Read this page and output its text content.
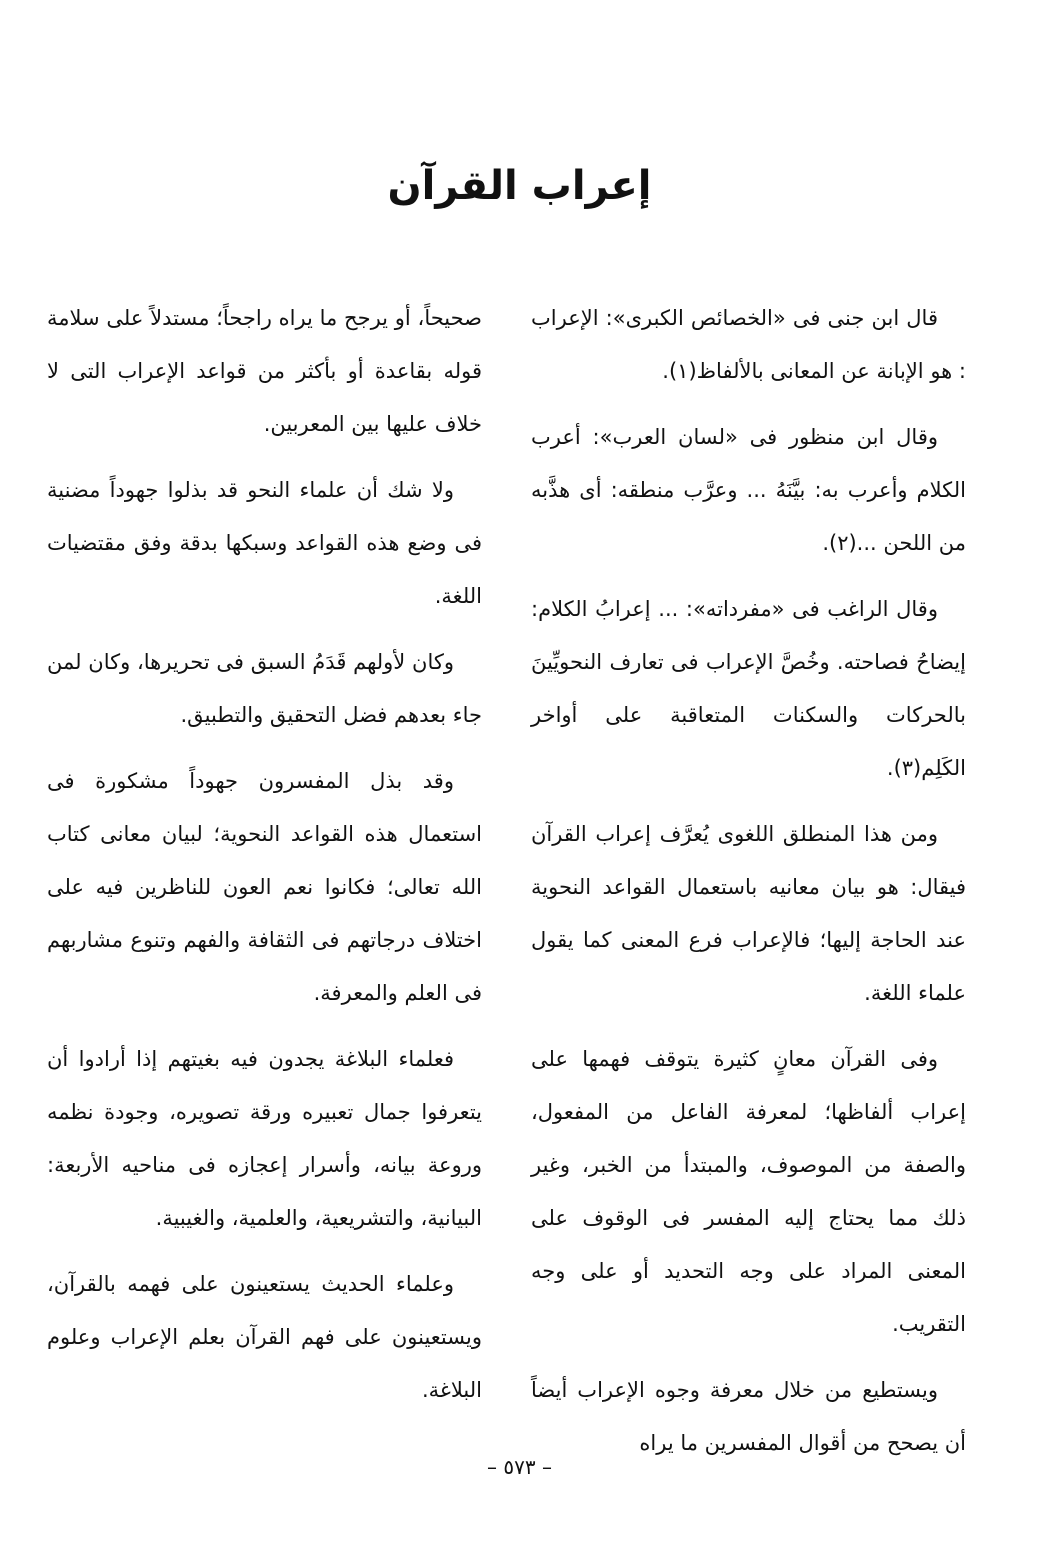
إعراب القرآن

قال ابن جنى فى «الخصائص الكبرى»: الإعراب : هو الإبانة عن المعانى بالألفاظ(١).

وقال ابن منظور فى «لسان العرب»: أعرب الكلام وأعرب به: بيَّنَهُ ... وعرَّب منطقه: أى هذَّبه من اللحن ...(٢).

وقال الراغب فى «مفرداته»: ... إعرابُ الكلام: إيضاحُ فصاحته. وخُصَّ الإعراب فى تعارف النحويِّينَ بالحركات والسكنات المتعاقبة على أواخر الكَلِم(٣).

ومن هذا المنطلق اللغوى يُعرَّف إعراب القرآن فيقال: هو بيان معانيه باستعمال القواعد النحوية عند الحاجة إليها؛ فالإعراب فرع المعنى كما يقول علماء اللغة.

وفى القرآن معانٍ كثيرة يتوقف فهمها على إعراب ألفاظها؛ لمعرفة الفاعل من المفعول، والصفة من الموصوف، والمبتدأ من الخبر، وغير ذلك مما يحتاج إليه المفسر فى الوقوف على المعنى المراد على وجه التحديد أو على وجه التقريب.

ويستطيع من خلال معرفة وجوه الإعراب أيضاً أن يصحح من أقوال المفسرين ما يراه

صحيحاً، أو يرجح ما يراه راجحاً؛ مستدلاً على سلامة قوله بقاعدة أو بأكثر من قواعد الإعراب التى لا خلاف عليها بين المعربين.

ولا شك أن علماء النحو قد بذلوا جهوداً مضنية فى وضع هذه القواعد وسبكها بدقة وفق مقتضيات اللغة.

وكان لأولهم قَدَمُ السبق فى تحريرها، وكان لمن جاء بعدهم فضل التحقيق والتطبيق.

وقد بذل المفسرون جهوداً مشكورة فى استعمال هذه القواعد النحوية؛ لبيان معانى كتاب الله تعالى؛ فكانوا نعم العون للناظرين فيه على اختلاف درجاتهم فى الثقافة والفهم وتنوع مشاربهم فى العلم والمعرفة.

فعلماء البلاغة يجدون فيه بغيتهم إذا أرادوا أن يتعرفوا جمال تعبيره ورقة تصويره، وجودة نظمه وروعة بيانه، وأسرار إعجازه فى مناحيه الأربعة: البيانية، والتشريعية، والعلمية، والغيبية.

وعلماء الحديث يستعينون على فهمه بالقرآن، ويستعينون على فهم القرآن بعلم الإعراب وعلوم البلاغة.

– ٥٧٣ –
